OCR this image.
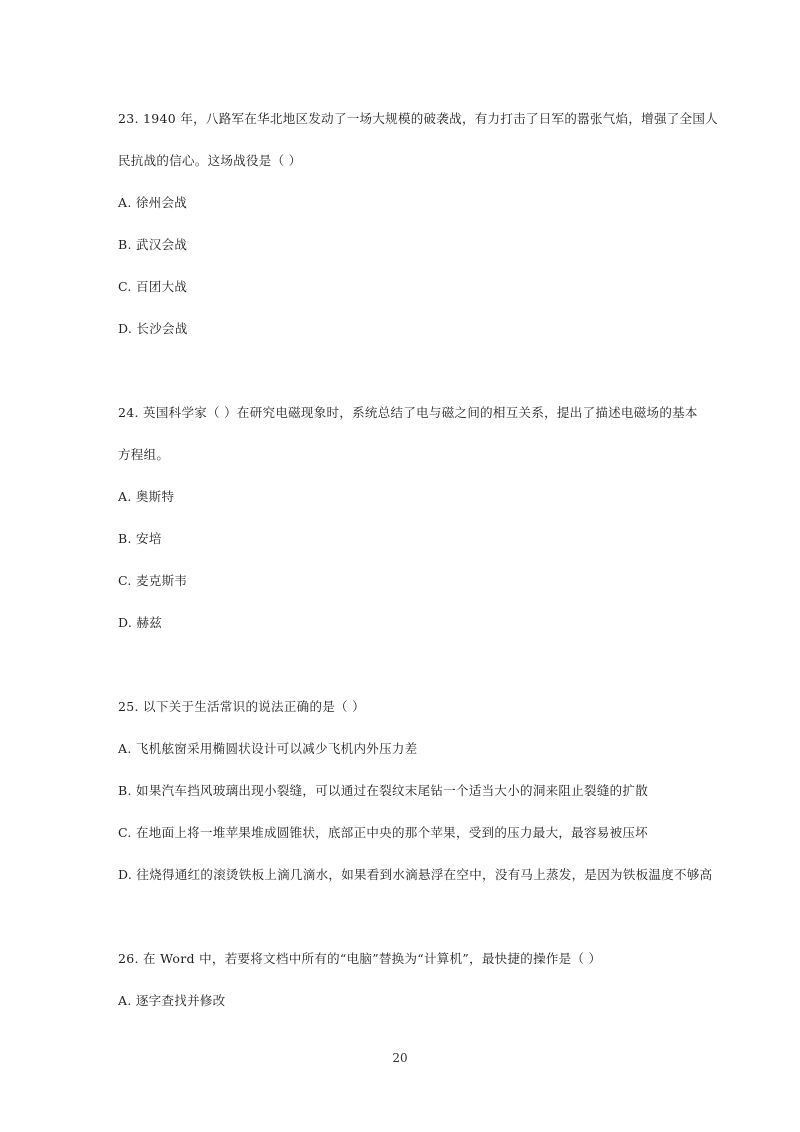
23. 1940 年，八路军在华北地区发动了一场大规模的破袭战，有力打击了日军的嚣张气焰，增强了全国人
民抗战的信心。这场战役是（ ）
A. 徐州会战
B. 武汉会战
C. 百团大战
D. 长沙会战
24. 英国科学家（ ）在研究电磁现象时，系统总结了电与磁之间的相互关系，提出了描述电磁场的基本
方程组。
A. 奥斯特
B. 安培
C. 麦克斯韦
D. 赫兹
25. 以下关于生活常识的说法正确的是（ ）
A. 飞机舷窗采用椭圆状设计可以减少飞机内外压力差
B. 如果汽车挡风玻璃出现小裂缝，可以通过在裂纹末尾钻一个适当大小的洞来阻止裂缝的扩散
C. 在地面上将一堆苹果堆成圆锥状，底部正中央的那个苹果，受到的压力最大，最容易被压坏
D. 往烧得通红的滚烫铁板上滴几滴水，如果看到水滴悬浮在空中，没有马上蒸发，是因为铁板温度不够高
26. 在 Word 中，若要将文档中所有的“电脑”替换为“计算机”，最快捷的操作是（ ）
A. 逐字查找并修改
20
